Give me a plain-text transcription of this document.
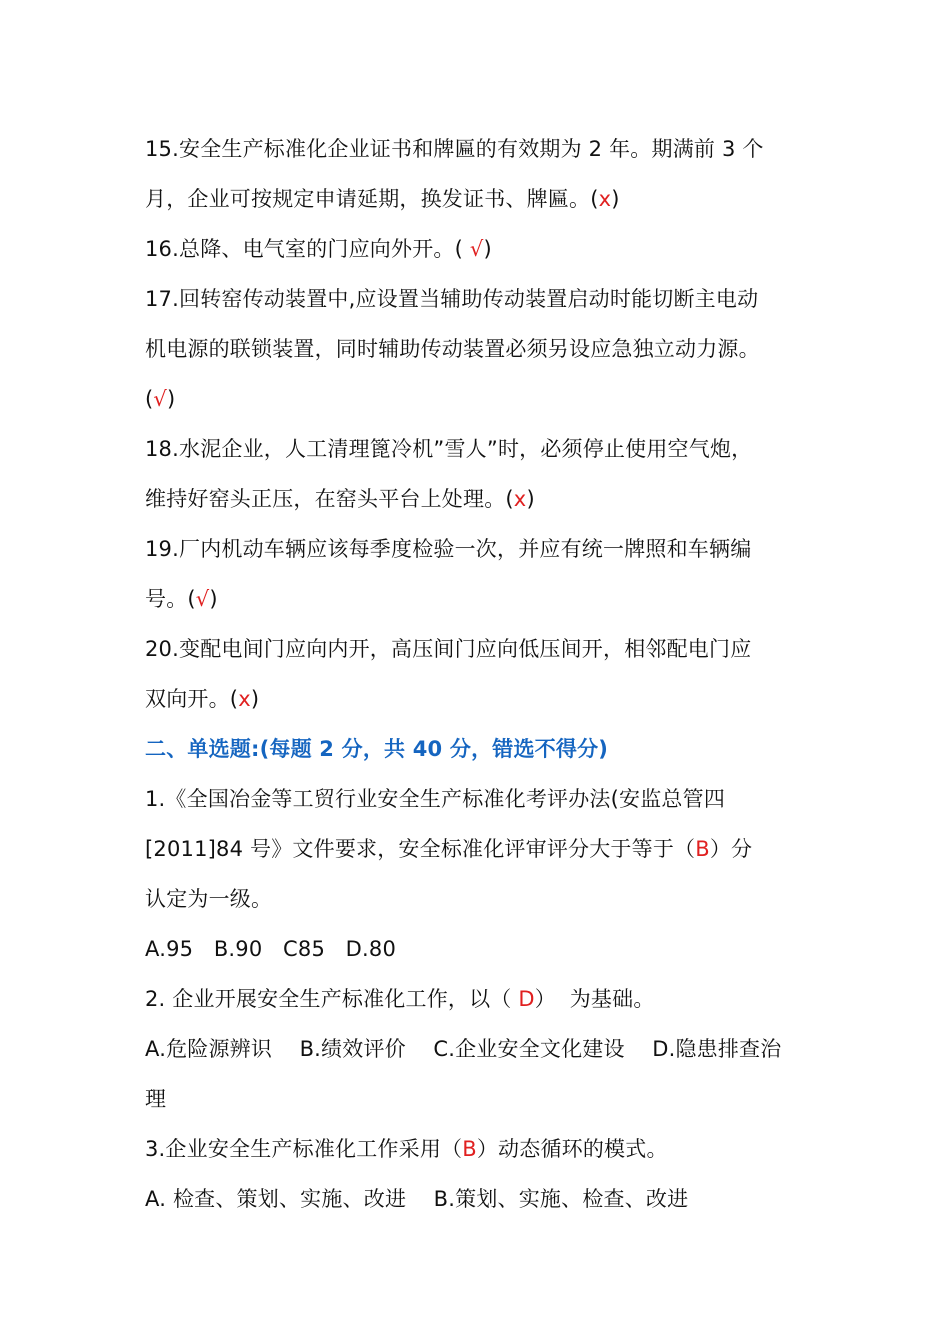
15.安全生产标准化企业证书和牌匾的有效期为 2 年。期满前 3 个
月，企业可按规定申请延期，换发证书、牌匾。(x)
16.总降、电气室的门应向外开。( √)
17.回转窑传动装置中,应设置当辅助传动装置启动时能切断主电动
机电源的联锁装置，同时辅助传动装置必须另设应急独立动力源。
(√)
18.水泥企业，人工清理篦冷机”雪人”时，必须停止使用空气炮，
维持好窑头正压，在窑头平台上处理。(x)
19.厂内机动车辆应该每季度检验一次，并应有统一牌照和车辆编
号。(√)
20.变配电间门应向内开，高压间门应向低压间开，相邻配电门应
双向开。(x)
二、单选题:(每题 2 分，共 40 分，错选不得分)
1.《全国冶金等工贸行业安全生产标准化考评办法(安监总管四
[2011]84 号》文件要求，安全标准化评审评分大于等于（B）分
认定为一级。
A.95   B.90   C85   D.80
2. 企业开展安全生产标准化工作，以（ D）  为基础。
A.危险源辨识    B.绩效评价    C.企业安全文化建设    D.隐患排查治
理
3.企业安全生产标准化工作采用（B）动态循环的模式。
A. 检查、策划、实施、改进    B.策划、实施、检查、改进
